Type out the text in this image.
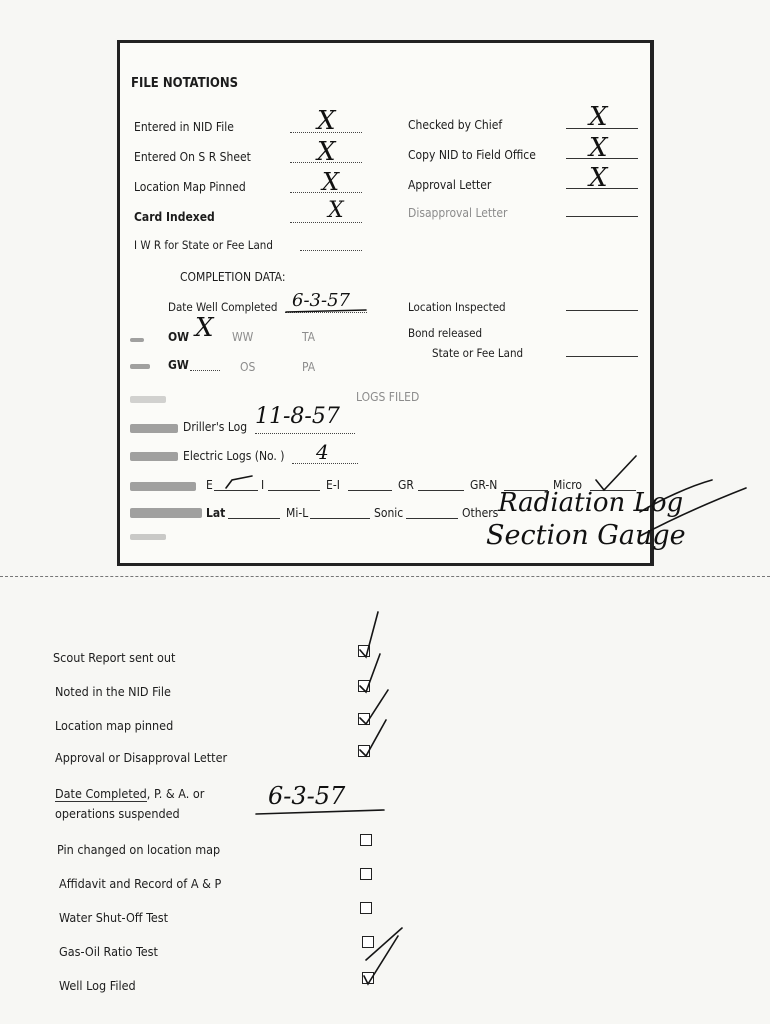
FILE NOTATIONS
Entered in NID File	X
Entered On S R Sheet	X
Location Map Pinned	X
Card Indexed	X
I W R for State or Fee Land
Checked by Chief	X
Copy NID to Field Office X
Approval Letter	X
Disapproval Letter
COMPLETION DATA:
Date Well Completed 6-3-57	Location Inspected
OW X WW	TA	Bond released
State or Fee Land
GW	OS	PA
LOGS FILED
Driller's Log 11-8-57
Electric Logs (No. ) 4
E	I	E-I	GR	GR-N	Micro
Lat	Mi-L	Sonic	Others Radiation Log
Section Gauge
Scout Report sent out
Noted in the NID File
Location map pinned
Approval or Disapproval Letter
Date Completed, P. & A. or
operations suspended
6-3-57
Pin changed on location map
Affidavit and Record of A & P
Water Shut-Off Test
Gas-Oil Ratio Test
Well Log Filed
